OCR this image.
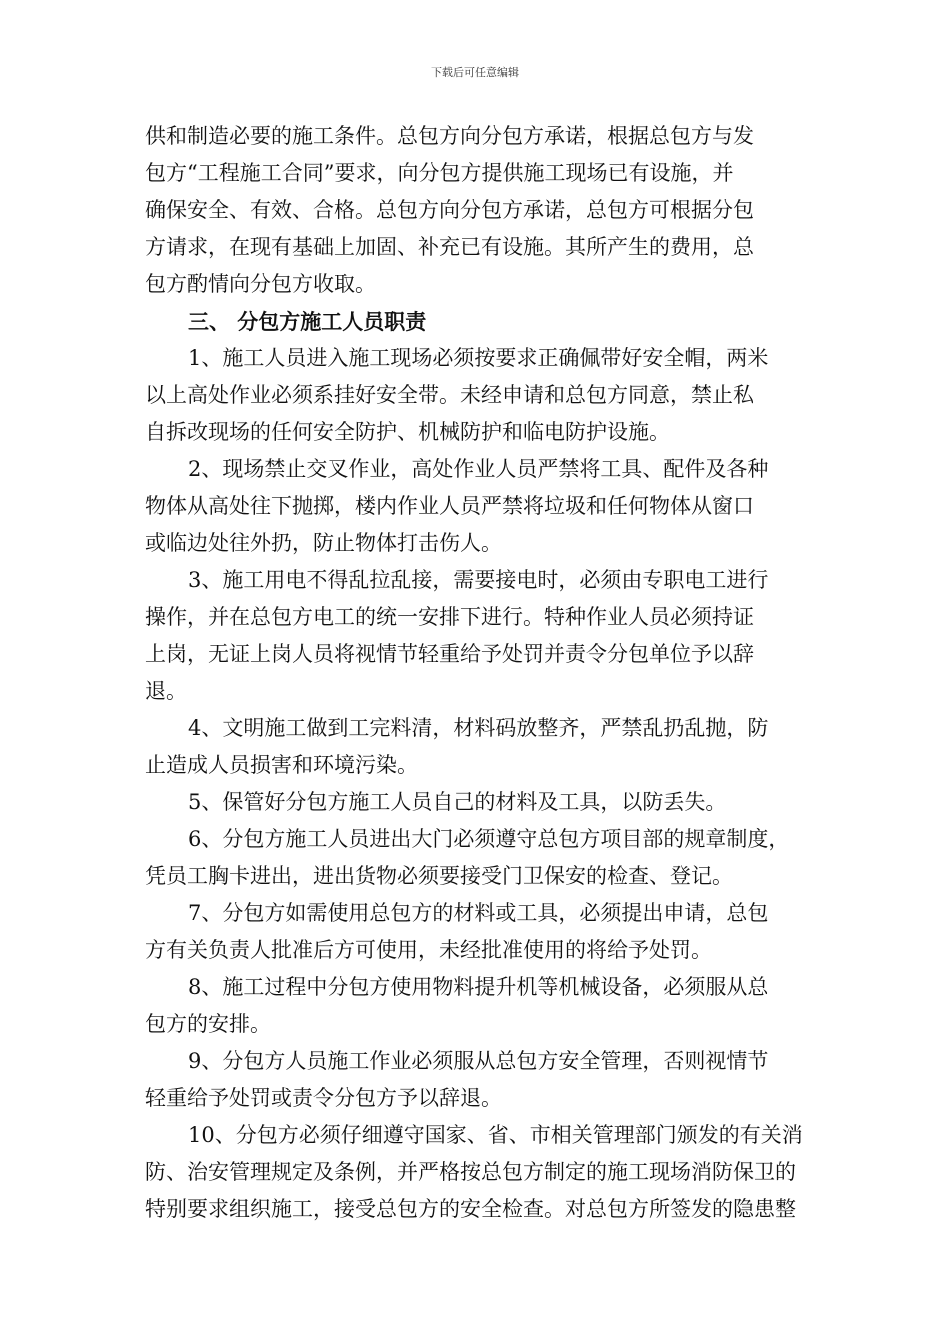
下载后可任意编辑
供和制造必要的施工条件。总包方向分包方承诺，根据总包方与发
包方“工程施工合同”要求，向分包方提供施工现场已有设施，并
确保安全、有效、合格。总包方向分包方承诺，总包方可根据分包
方请求，在现有基础上加固、补充已有设施。其所产生的费用，总
包方酌情向分包方收取。
三、 分包方施工人员职责
1、施工人员进入施工现场必须按要求正确佩带好安全帽，两米
以上高处作业必须系挂好安全带。未经申请和总包方同意，禁止私
自拆改现场的任何安全防护、机械防护和临电防护设施。
2、现场禁止交叉作业，高处作业人员严禁将工具、配件及各种
物体从高处往下抛掷，楼内作业人员严禁将垃圾和任何物体从窗口
或临边处往外扔，防止物体打击伤人。
3、施工用电不得乱拉乱接，需要接电时，必须由专职电工进行
操作，并在总包方电工的统一安排下进行。特种作业人员必须持证
上岗，无证上岗人员将视情节轻重给予处罚并责令分包单位予以辞
退。
4、文明施工做到工完料清，材料码放整齐，严禁乱扔乱抛，防
止造成人员损害和环境污染。
5、保管好分包方施工人员自己的材料及工具，以防丢失。
6、分包方施工人员进出大门必须遵守总包方项目部的规章制度，
凭员工胸卡进出，进出货物必须要接受门卫保安的检查、登记。
7、分包方如需使用总包方的材料或工具，必须提出申请，总包
方有关负责人批准后方可使用，未经批准使用的将给予处罚。
8、施工过程中分包方使用物料提升机等机械设备，必须服从总
包方的安排。
9、分包方人员施工作业必须服从总包方安全管理，否则视情节
轻重给予处罚或责令分包方予以辞退。
10、分包方必须仔细遵守国家、省、市相关管理部门颁发的有关消
防、治安管理规定及条例，并严格按总包方制定的施工现场消防保卫的
特别要求组织施工，接受总包方的安全检查。对总包方所签发的隐患整
